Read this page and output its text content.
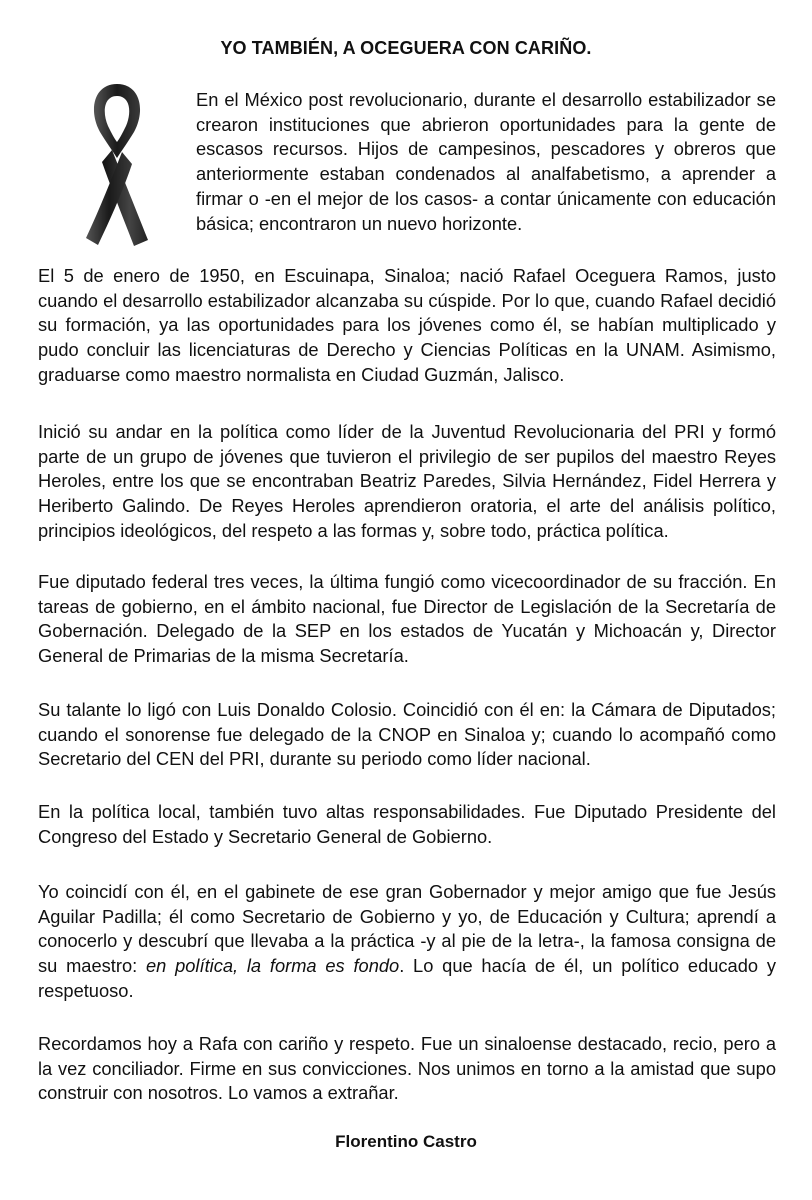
YO TAMBIÉN, A OCEGUERA CON CARIÑO.

En el México post revolucionario, durante el desarrollo estabilizador se crearon instituciones que abrieron oportunidades para la gente de escasos recursos. Hijos de campesinos, pescadores y obreros que anteriormente estaban condenados al analfabetismo, a aprender a firmar o -en el mejor de los casos- a contar únicamente con educación básica; encontraron un nuevo horizonte.

El 5 de enero de 1950, en Escuinapa, Sinaloa; nació Rafael Oceguera Ramos, justo cuando el desarrollo estabilizador alcanzaba su cúspide. Por lo que, cuando Rafael decidió su formación, ya las oportunidades para los jóvenes como él, se habían multiplicado y pudo concluir las licenciaturas de Derecho y Ciencias Políticas en la UNAM. Asimismo, graduarse como maestro normalista en Ciudad Guzmán, Jalisco.

Inició su andar en la política como líder de la Juventud Revolucionaria del PRI y formó parte de un grupo de jóvenes que tuvieron el privilegio de ser pupilos del maestro Reyes Heroles, entre los que se encontraban Beatriz Paredes, Silvia Hernández, Fidel Herrera y Heriberto Galindo. De Reyes Heroles aprendieron oratoria, el arte del análisis político, principios ideológicos, del respeto a las formas y, sobre todo, práctica política.

Fue diputado federal tres veces, la última fungió como vicecoordinador de su fracción. En tareas de gobierno, en el ámbito nacional, fue Director de Legislación de la Secretaría de Gobernación. Delegado de la SEP en los estados de Yucatán y Michoacán y, Director General de Primarias de la misma Secretaría.

Su talante lo ligó con Luis Donaldo Colosio. Coincidió con él en: la Cámara de Diputados; cuando el sonorense fue delegado de la CNOP en Sinaloa y; cuando lo acompañó como Secretario del CEN del PRI, durante su periodo como líder nacional.

En la política local, también tuvo altas responsabilidades. Fue Diputado Presidente del Congreso del Estado y Secretario General de Gobierno.

Yo coincidí con él, en el gabinete de ese gran Gobernador y mejor amigo que fue Jesús Aguilar Padilla; él como Secretario de Gobierno y yo, de Educación y Cultura; aprendí a conocerlo y descubrí que llevaba a la práctica -y al pie de la letra-, la famosa consigna de su maestro: en política, la forma es fondo. Lo que hacía de él, un político educado y respetuoso.

Recordamos hoy a Rafa con cariño y respeto. Fue un sinaloense destacado, recio, pero a la vez conciliador. Firme en sus convicciones. Nos unimos en torno a la amistad que supo construir con nosotros. Lo vamos a extrañar.

Florentino Castro
